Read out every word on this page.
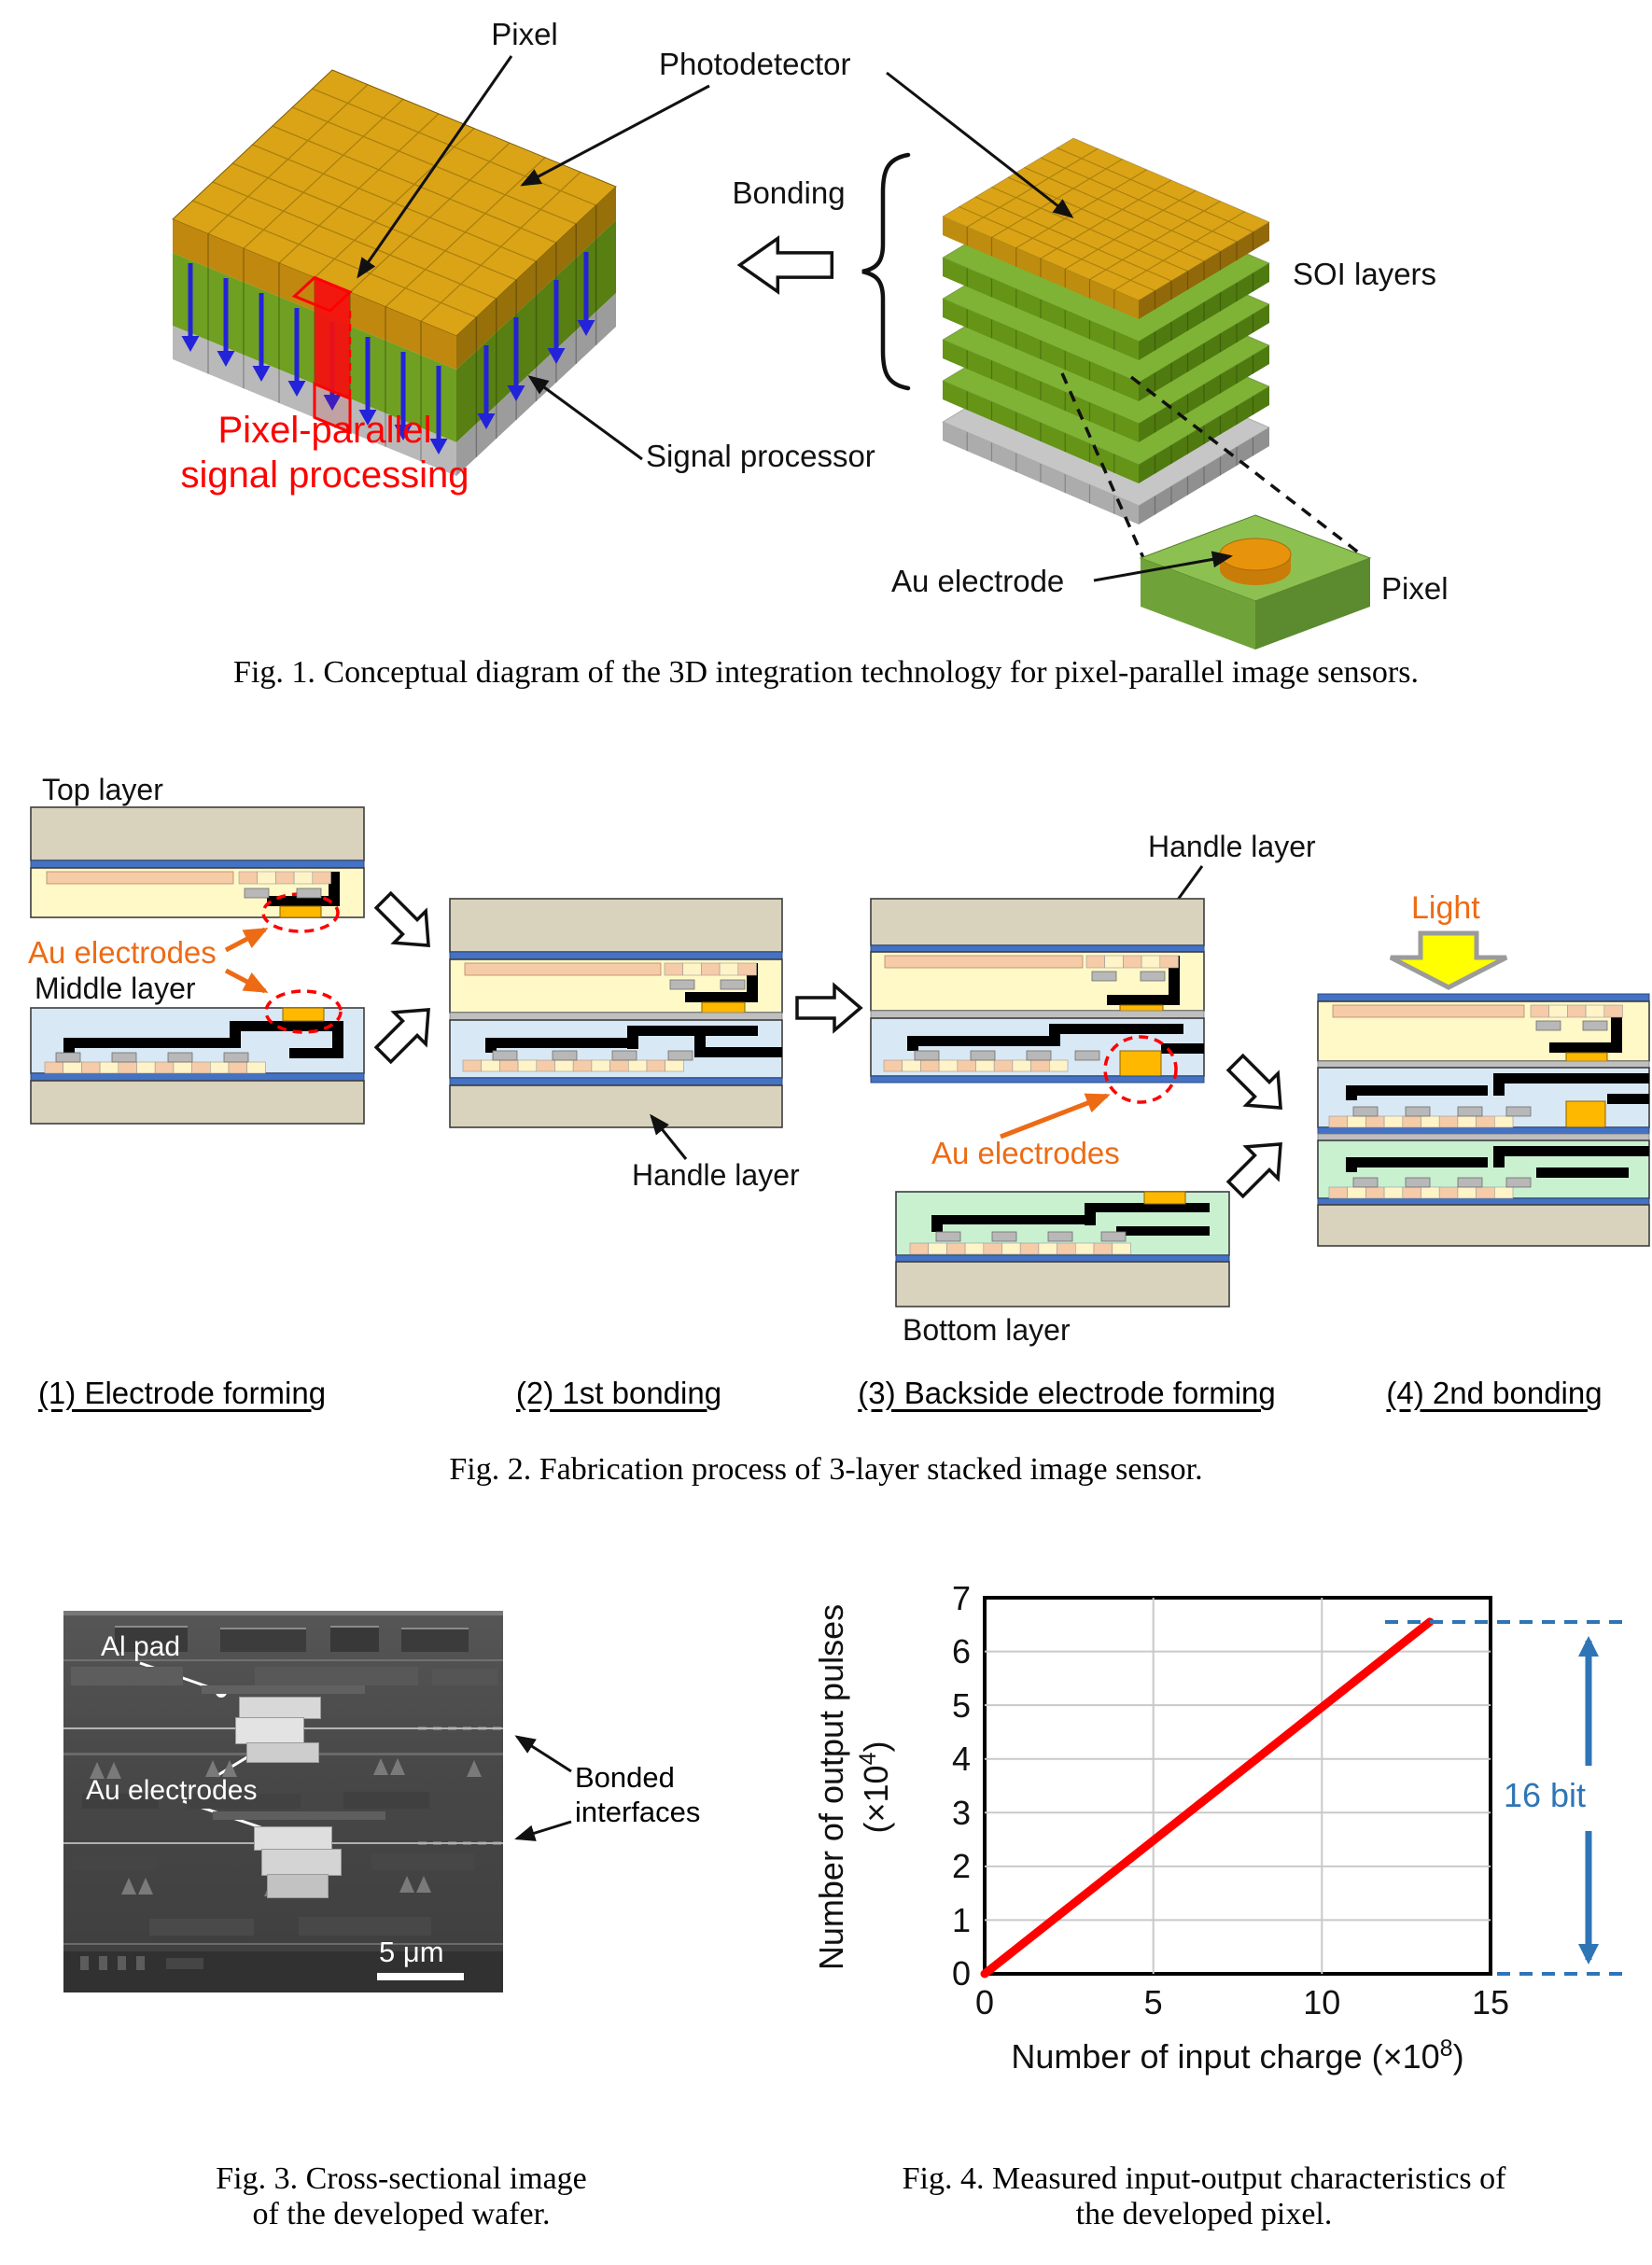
Pixel
Photodetector
Bonding
SOI layers
Signal processor
Pixel-parallel
signal processing
Au electrode	Pixel
Fig. 1. Conceptual diagram of the 3D integration technology for pixel-parallel image sensors.
Top layer
Au electrodes
Middle layer
Handle layer
Handle layer
Au electrodes
Bottom layer
Light
(1) Electrode forming	(2) 1st bonding	(3) Backside electrode forming	(4) 2nd bonding
Fig. 2. Fabrication process of 3-layer stacked image sensor.
Al pad
Au electrodes
5 μm
Bonded
interfaces	16 bit
7
6
5
4
3
2
1
0
0	5	10	15
Number of output pulses $(\times 10^4)$
Number of input charge $(\times 10^8)$
Fig. 3. Cross-sectional image
of the developed wafer.
Fig. 4. Measured input-output characteristics of
the developed pixel.
